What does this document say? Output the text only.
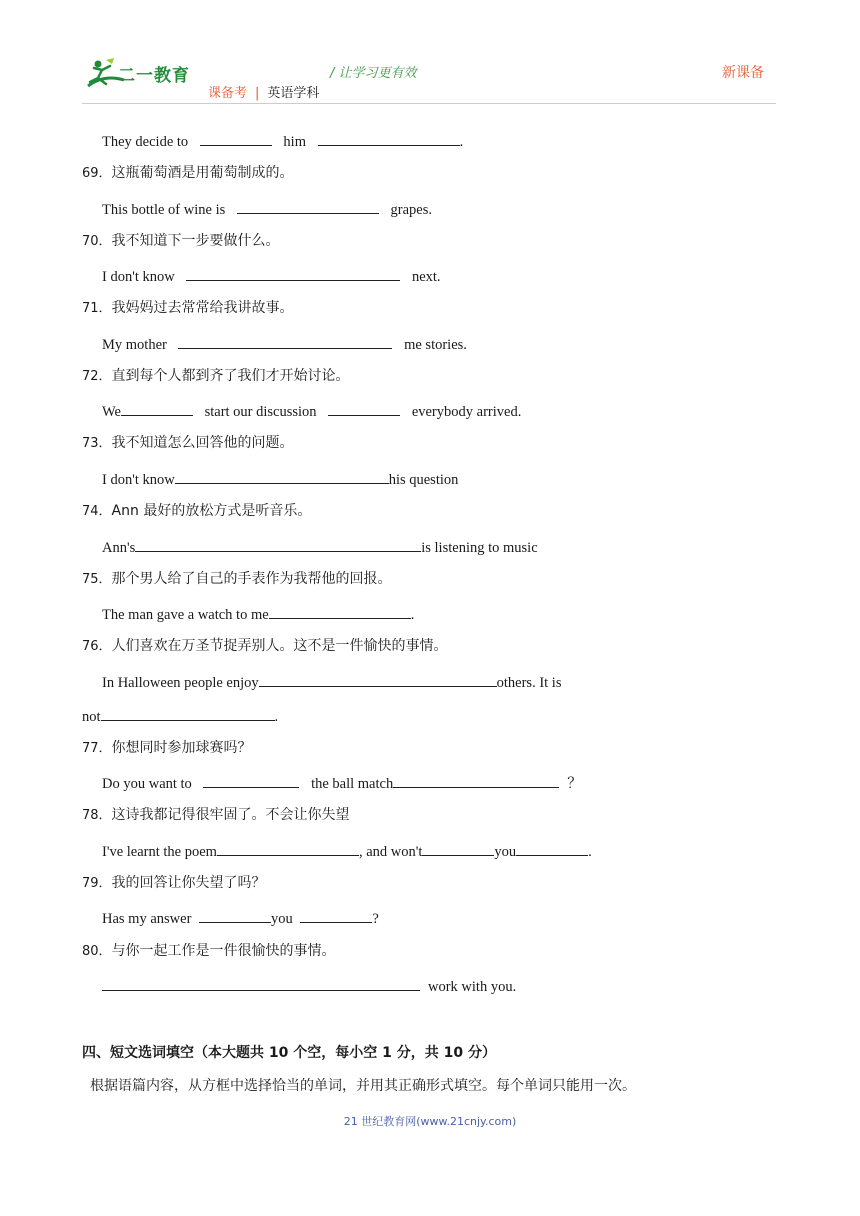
二一教育	/ 让学习更有效	新课备
课备考 | 英语学科
They decide to	him	.
69．这瓶葡萄酒是用葡萄制成的。
This bottle of wine is	grapes.
70．我不知道下一步要做什么。
I don't know	next.
71．我妈妈过去常常给我讲故事。
My mother	me stories.
72．直到每个人都到齐了我们才开始讨论。
We	start our discussion	everybody arrived.
73．我不知道怎么回答他的问题。
I don't know	his question
74．Ann 最好的放松方式是听音乐。
Ann's	is listening to music
75．那个男人给了自己的手表作为我帮他的回报。
The man gave a watch to me	.
76．人们喜欢在万圣节捉弄别人。这不是一件愉快的事情。
In Halloween people enjoy	others. It is
not	.
77．你想同时参加球赛吗？
Do you want to	the ball match	？
78．这诗我都记得很牢固了。不会让你失望
I've learnt the poem	, and won't	you	.
79．我的回答让你失望了吗？
Has my answer	you	?
80．与你一起工作是一件很愉快的事情。
work with you.
四、短文选词填空（本大题共 10 个空，每小空 1 分，共 10 分）
根据语篇内容，从方框中选择恰当的单词，并用其正确形式填空。每个单词只能用一次。
21 世纪教育网(www.21cnjy.com)
